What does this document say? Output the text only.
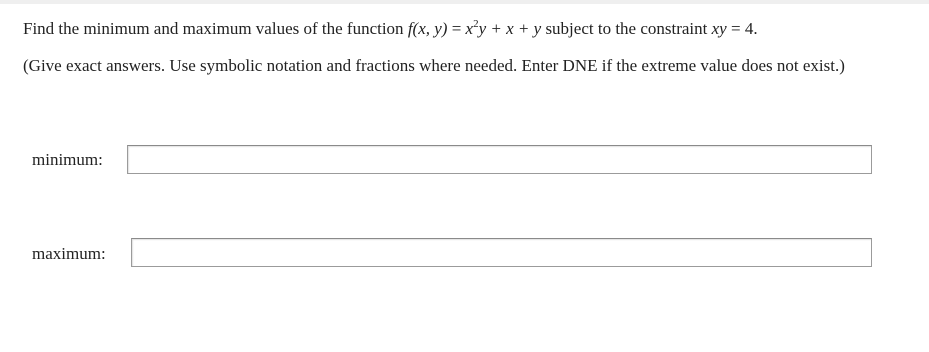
Find the minimum and maximum values of the function f(x, $y) = x^2y + x + y$ subject to the constraint xy = 4.
(Give exact answers. Use symbolic notation and fractions where needed. Enter DNE if the extreme value does not exist.)
minimum:
maximum:
